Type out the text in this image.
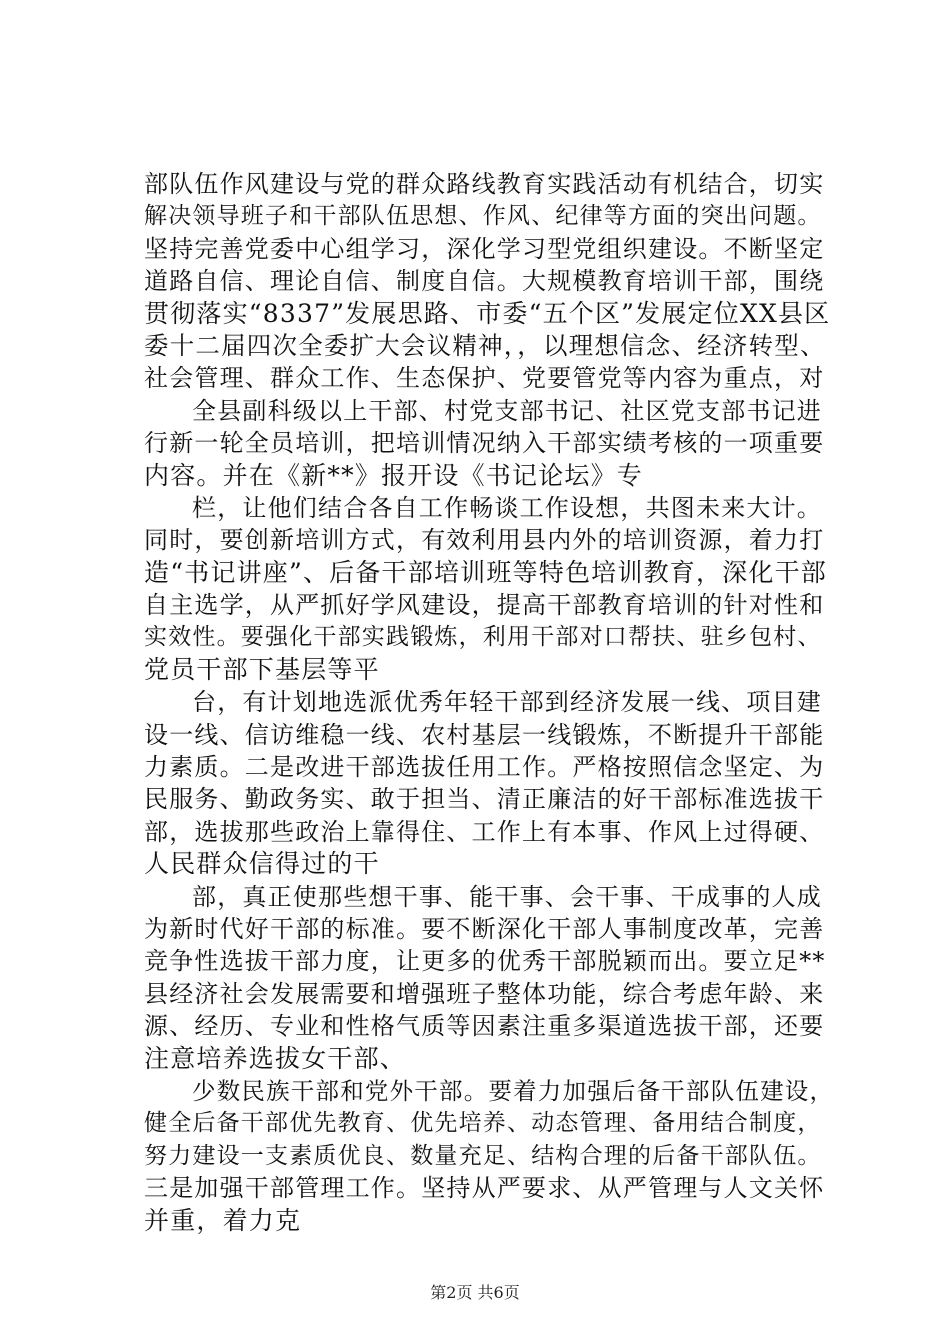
部队伍作风建设与党的群众路线教育实践活动有机结合，切实
解决领导班子和干部队伍思想、作风、纪律等方面的突出问题。
坚持完善党委中心组学习，深化学习型党组织建设。不断坚定
道路自信、理论自信、制度自信。大规模教育培训干部，围绕
贯彻落实“8337”发展思路、市委“五个区”发展定位XX县区
委十二届四次全委扩大会议精神，，以理想信念、经济转型、
社会管理、群众工作、生态保护、党要管党等内容为重点，对
全县副科级以上干部、村党支部书记、社区党支部书记进
行新一轮全员培训，把培训情况纳入干部实绩考核的一项重要
内容。并在《新**》报开设《书记论坛》专
栏，让他们结合各自工作畅谈工作设想，共图未来大计。
同时，要创新培训方式，有效利用县内外的培训资源，着力打
造“书记讲座”、后备干部培训班等特色培训教育，深化干部
自主选学，从严抓好学风建设，提高干部教育培训的针对性和
实效性。要强化干部实践锻炼，利用干部对口帮扶、驻乡包村、
党员干部下基层等平
台，有计划地选派优秀年轻干部到经济发展一线、项目建
设一线、信访维稳一线、农村基层一线锻炼，不断提升干部能
力素质。二是改进干部选拔任用工作。严格按照信念坚定、为
民服务、勤政务实、敢于担当、清正廉洁的好干部标准选拔干
部，选拔那些政治上靠得住、工作上有本事、作风上过得硬、
人民群众信得过的干
部，真正使那些想干事、能干事、会干事、干成事的人成
为新时代好干部的标准。要不断深化干部人事制度改革，完善
竞争性选拔干部力度，让更多的优秀干部脱颖而出。要立足**
县经济社会发展需要和增强班子整体功能，综合考虑年龄、来
源、经历、专业和性格气质等因素注重多渠道选拔干部，还要
注意培养选拔女干部、
少数民族干部和党外干部。要着力加强后备干部队伍建设，
健全后备干部优先教育、优先培养、动态管理、备用结合制度，
努力建设一支素质优良、数量充足、结构合理的后备干部队伍。
三是加强干部管理工作。坚持从严要求、从严管理与人文关怀
并重，着力克
第2页 共6页
